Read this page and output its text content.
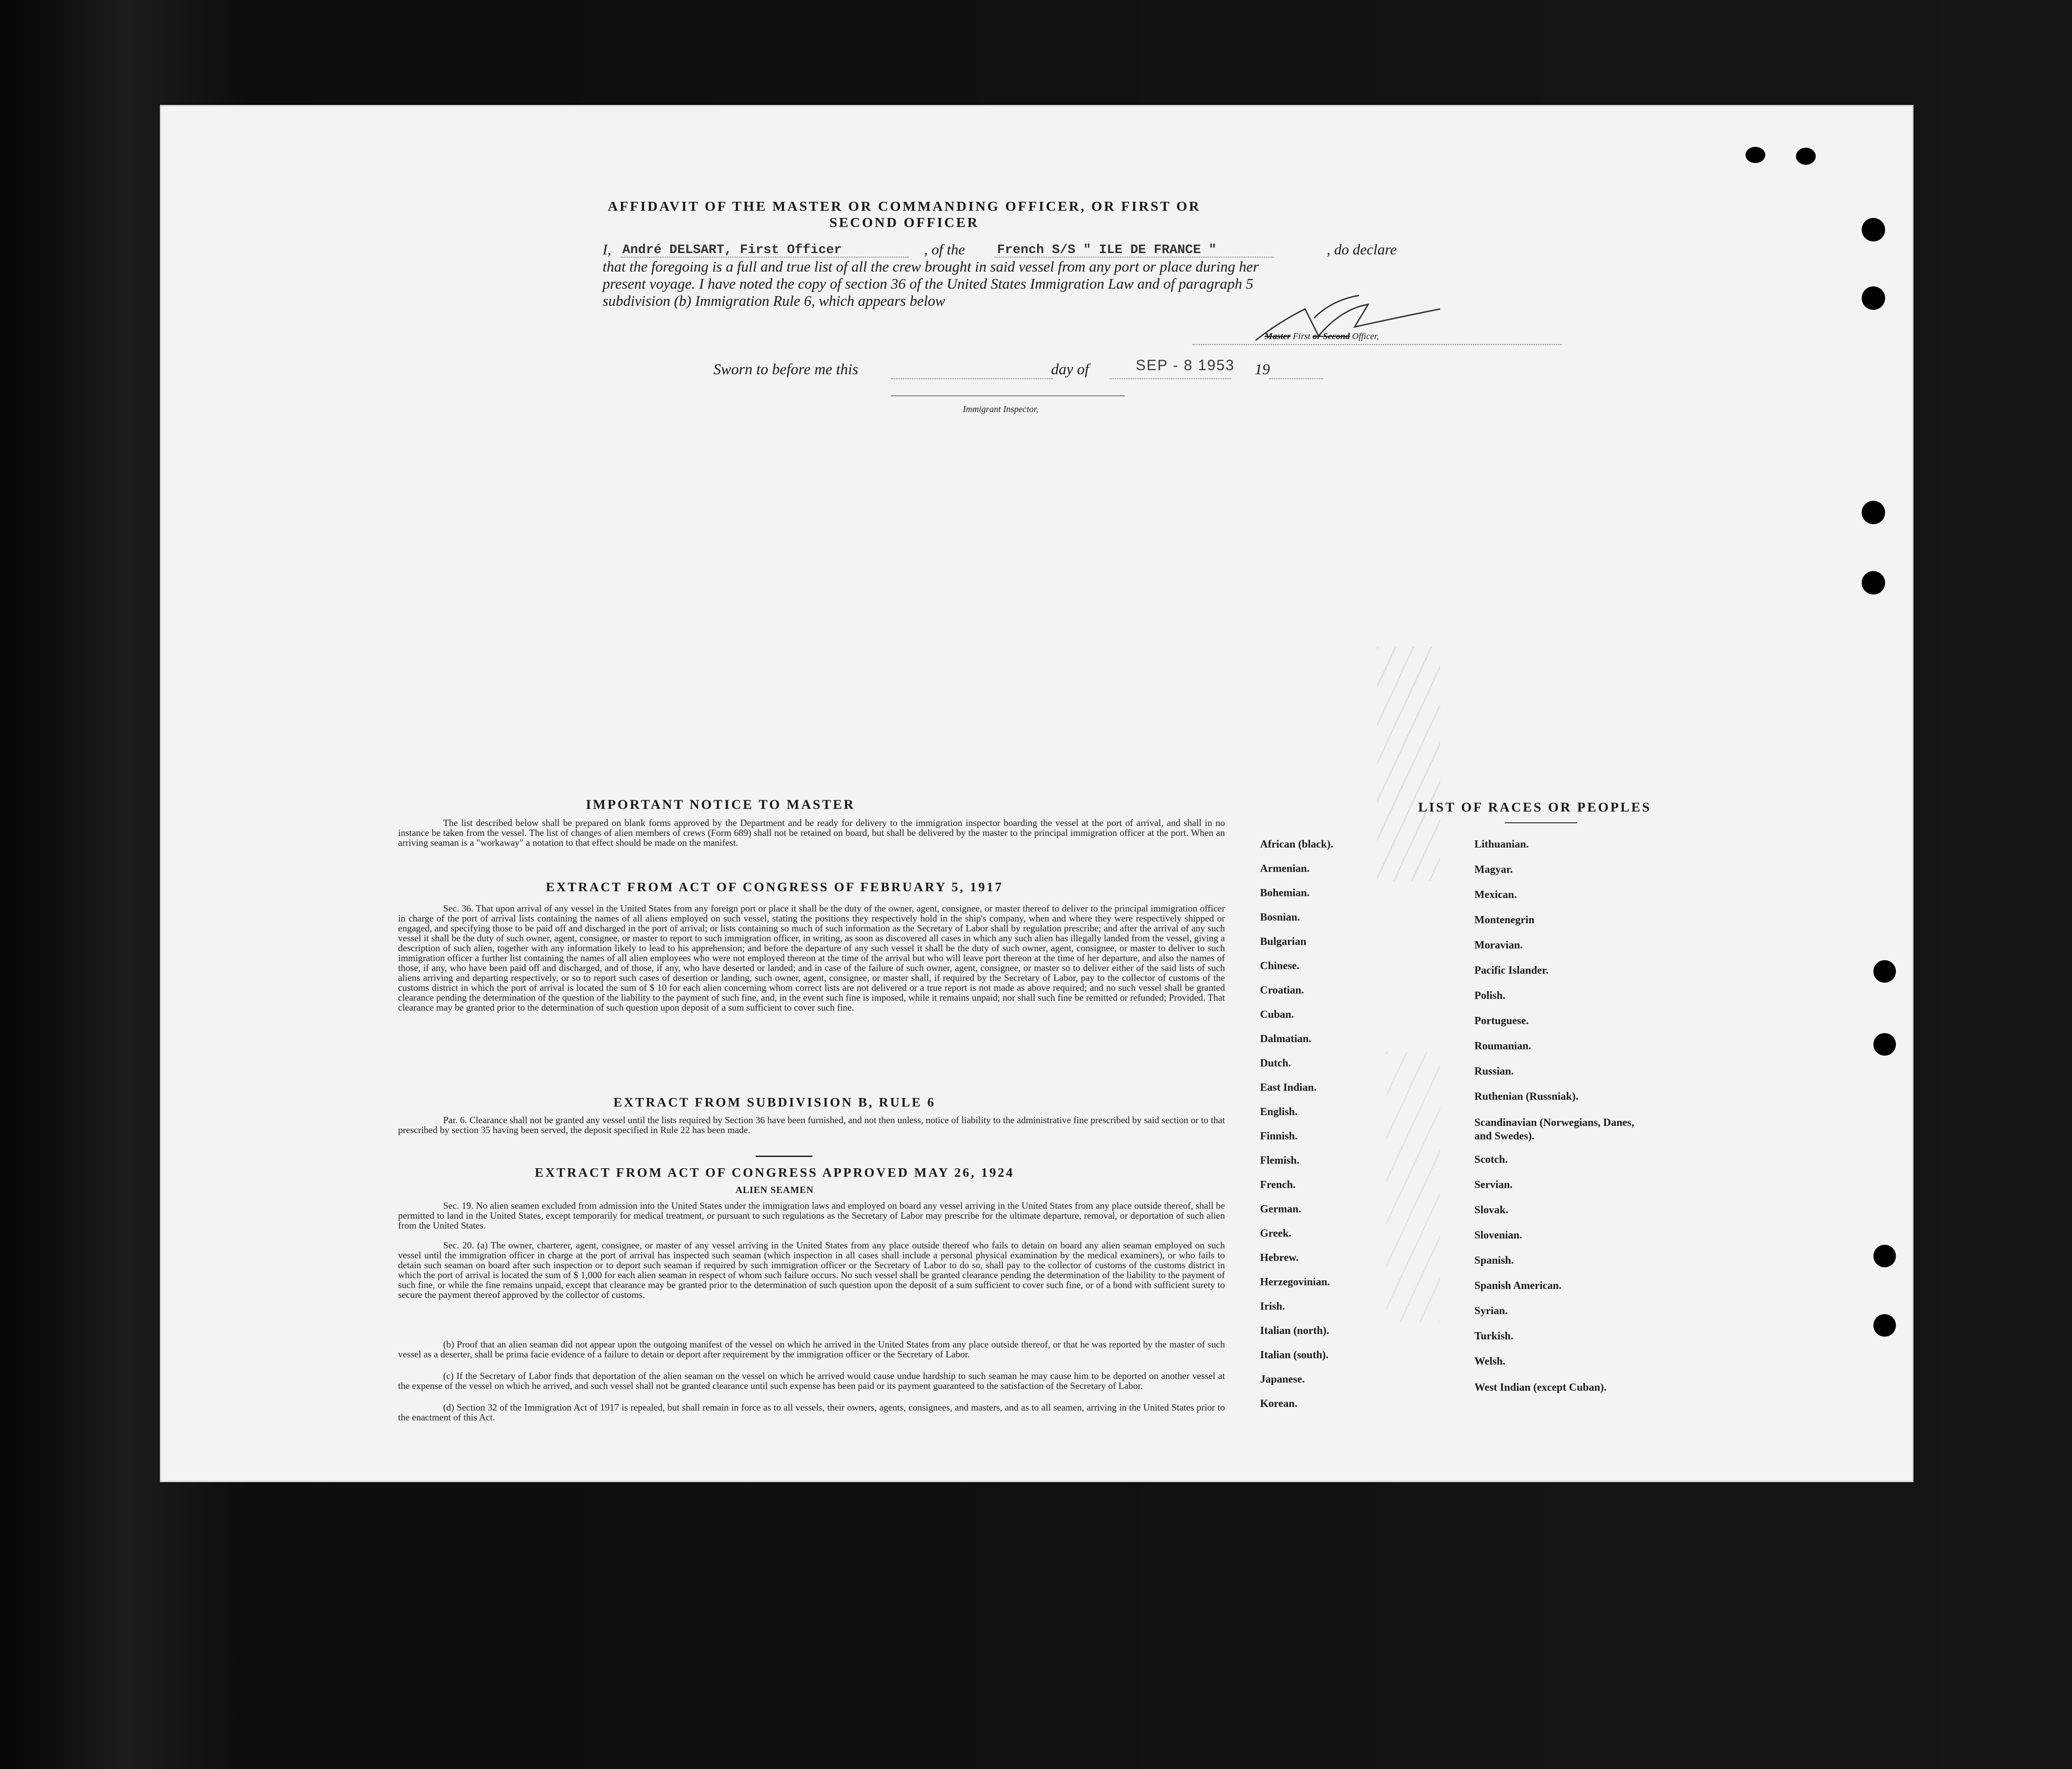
AFFIDAVIT OF THE MASTER OR COMMANDING OFFICER, OR FIRST OR SECOND OFFICER
I, André DELSART, First Officer	, of the French S/S " ILE DE FRANCE "	, do declare
that the foregoing is a full and true list of all the crew brought in said vessel from any port or place during her
present voyage. I have noted the copy of section 36 of the United States Immigration Law and of paragraph 5
subdivision (b) Immigration Rule 6, which appears below
Master First or Second Officer,
Sworn to before me this	day of	SEP - 8 1953 19
Immigrant Inspector,
IMPORTANT NOTICE TO MASTER
The list described below shall be prepared on blank forms approved by the Department and be ready for delivery to the immigration inspector boarding the vessel at the port of arrival, and shall in no instance be taken from the vessel. The list of changes of alien members of crews (Form 689) shall not be retained on board, but shall be delivered by the master to the principal immigration officer at the port. When an arriving seaman is a "workaway" a notation to that effect should be made on the manifest.
EXTRACT FROM ACT OF CONGRESS OF FEBRUARY 5, 1917
Sec. 36. That upon arrival of any vessel in the United States from any foreign port or place it shall be the duty of the owner, agent, consignee, or master thereof to deliver to the principal immigration officer in charge of the port of arrival lists containing the names of all aliens employed on such vessel, stating the positions they respectively hold in the ship's company, when and where they were respectively shipped or engaged, and specifying those to be paid off and discharged in the port of arrival; or lists containing so much of such information as the Secretary of Labor shall by regulation prescribe; and after the arrival of any such vessel it shall be the duty of such owner, agent, consignee, or master to report to such immigration officer, in writing, as soon as discovered all cases in which any such alien has illegally landed from the vessel, giving a description of such alien, together with any information likely to lead to his apprehension; and before the departure of any such vessel it shall be the duty of such owner, agent, consignee, or master to deliver to such immigration officer a further list containing the names of all alien employees who were not employed thereon at the time of the arrival but who will leave port thereon at the time of her departure, and also the names of those, if any, who have been paid off and discharged, and of those, if any, who have deserted or landed; and in case of the failure of such owner, agent, consignee, or master so to deliver either of the said lists of such aliens arriving and departing respectively, or so to report such cases of desertion or landing, such owner, agent, consignee, or master shall, if required by the Secretary of Labor, pay to the collector of customs of the customs district in which the port of arrival is located the sum of $ 10 for each alien concerning whom correct lists are not delivered or a true report is not made as above required; and no such vessel shall be granted clearance pending the determination of the question of the liability to the payment of such fine, and, in the event such fine is imposed, while it remains unpaid; nor shall such fine be remitted or refunded; Provided. That clearance may be granted prior to the determination of such question upon deposit of a sum sufficient to cover such fine.
EXTRACT FROM SUBDIVISION B, RULE 6
Par. 6. Clearance shall not be granted any vessel until the lists required by Section 36 have been furnished, and not then unless, notice of liability to the administrative fine prescribed by said section or to that prescribed by section 35 having been served, the deposit specified in Rule 22 has been made.
EXTRACT FROM ACT OF CONGRESS APPROVED MAY 26, 1924
ALIEN SEAMEN
Sec. 19. No alien seamen excluded from admission into the United States under the immigration laws and employed on board any vessel arriving in the United States from any place outside thereof, shall be permitted to land in the United States, except temporarily for medical treatment, or pursuant to such regulations as the Secretary of Labor may prescribe for the ultimate departure, removal, or deportation of such alien from the United States.
Sec. 20. (a) The owner, charterer, agent, consignee, or master of any vessel arriving in the United States from any place outside thereof who fails to detain on board any alien seaman employed on such vessel until the immigration officer in charge at the port of arrival has inspected such seaman (which inspection in all cases shall include a personal physical examination by the medical examiners), or who fails to detain such seaman on board after such inspection or to deport such seaman if required by such immigration officer or the Secretary of Labor to do so, shall pay to the collector of customs of the customs district in which the port of arrival is located the sum of $ 1,000 for each alien seaman in respect of whom such failure occurs. No such vessel shall be granted clearance pending the determination of the liability to the payment of such fine, or while the fine remains unpaid, except that clearance may be granted prior to the determination of such question upon the deposit of a sum sufficient to cover such fine, or of a bond with sufficient surety to secure the payment thereof approved by the collector of customs.
(b) Proof that an alien seaman did not appear upon the outgoing manifest of the vessel on which he arrived in the United States from any place outside thereof, or that he was reported by the master of such vessel as a deserter, shall be prima facie evidence of a failure to detain or deport after requirement by the immigration officer or the Secretary of Labor.
(c) If the Secretary of Labor finds that deportation of the alien seaman on the vessel on which he arrived would cause undue hardship to such seaman he may cause him to be deported on another vessel at the expense of the vessel on which he arrived, and such vessel shall not be granted clearance until such expense has been paid or its payment guaranteed to the satisfaction of the Secretary of Labor.
(d) Section 32 of the Immigration Act of 1917 is repealed, but shall remain in force as to all vessels, their owners, agents, consignees, and masters, and as to all seamen, arriving in the United States prior to the enactment of this Act.
LIST OF RACES OR PEOPLES
African (black).
Armenian.
Bohemian.
Bosnian.
Bulgarian
Chinese.
Croatian.
Cuban.
Dalmatian.
Dutch.
East Indian.
English.
Finnish.
Flemish.
French.
German.
Greek.
Hebrew.
Herzegovinian.
Irish.
Italian (north).
Italian (south).
Japanese.
Korean.
Lithuanian.
Magyar.
Mexican.
Montenegrin
Moravian.
Pacific Islander.
Polish.
Portuguese.
Roumanian.
Russian.
Ruthenian (Russniak).
Scandinavian (Norwegians, Danes, and Swedes).
Scotch.
Servian.
Slovak.
Slovenian.
Spanish.
Spanish American.
Syrian.
Turkish.
Welsh.
West Indian (except Cuban).
